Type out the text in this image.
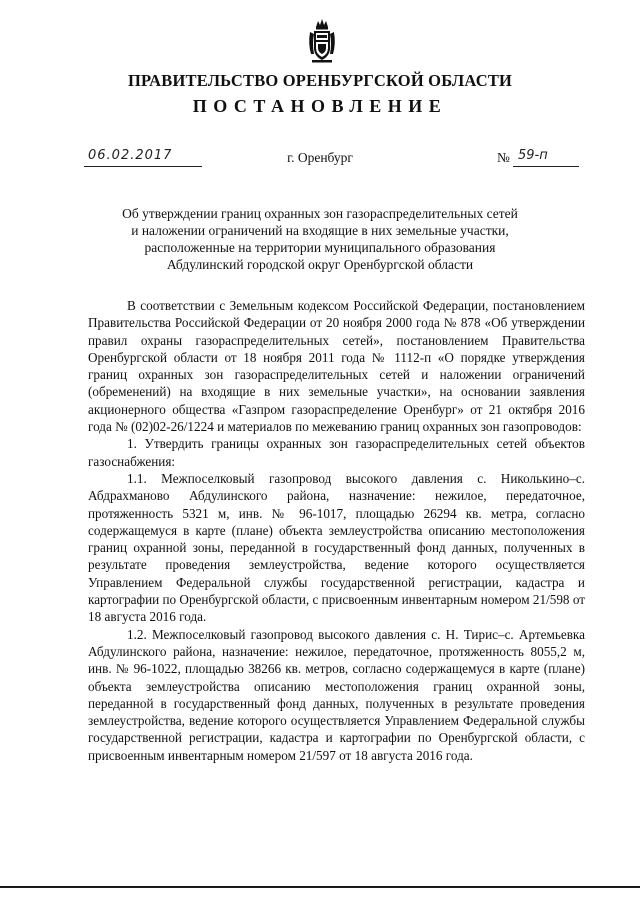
ПРАВИТЕЛЬСТВО ОРЕНБУРГСКОЙ ОБЛАСТИ
ПОСТАНОВЛЕНИЕ
06.02.2017	г. Оренбург	№ 59-п
Об утверждении границ охранных зон газораспределительных сетей
и наложении ограничений на входящие в них земельные участки,
расположенные на территории муниципального образования
Абдулинский городской округ Оренбургской области

В соответствии с Земельным кодексом Российской Федерации, постановлением Правительства Российской Федерации от 20 ноября 2000 года № 878 «Об утверждении правил охраны газораспределительных сетей», постановлением Правительства Оренбургской области от 18 ноября 2011 года № 1112-п «О порядке утверждения границ охранных зон газораспределительных сетей и наложении ограничений (обременений) на входящие в них земельные участки», на основании заявления акционерного общества «Газпром газораспределение Оренбург» от 21 октября 2016 года № (02)02-26/1224 и материалов по межеванию границ охранных зон газопроводов:

1. Утвердить границы охранных зон газораспределительных сетей объектов газоснабжения:

1.1. Межпоселковый газопровод высокого давления с. Николькино–с. Абдрахманово Абдулинского района, назначение: нежилое, передаточное, протяженность 5321 м, инв. № 96-1017, площадью 26294 кв. метра, согласно содержащемуся в карте (плане) объекта землеустройства описанию местоположения границ охранной зоны, переданной в государственный фонд данных, полученных в результате проведения землеустройства, ведение которого осуществляется Управлением Федеральной службы государственной регистрации, кадастра и картографии по Оренбургской области, с присвоенным инвентарным номером 21/598 от 18 августа 2016 года.

1.2. Межпоселковый газопровод высокого давления с. Н. Тирис–с. Артемьевка Абдулинского района, назначение: нежилое, передаточное, протяженность 8055,2 м, инв. № 96-1022, площадью 38266 кв. метров, согласно содержащемуся в карте (плане) объекта землеустройства описанию местоположения границ охранной зоны, переданной в государственный фонд данных, полученных в результате проведения землеустройства, ведение которого осуществляется Управлением Федеральной службы государственной регистрации, кадастра и картографии по Оренбургской области, с присвоенным инвентарным номером 21/597 от 18 августа 2016 года.
